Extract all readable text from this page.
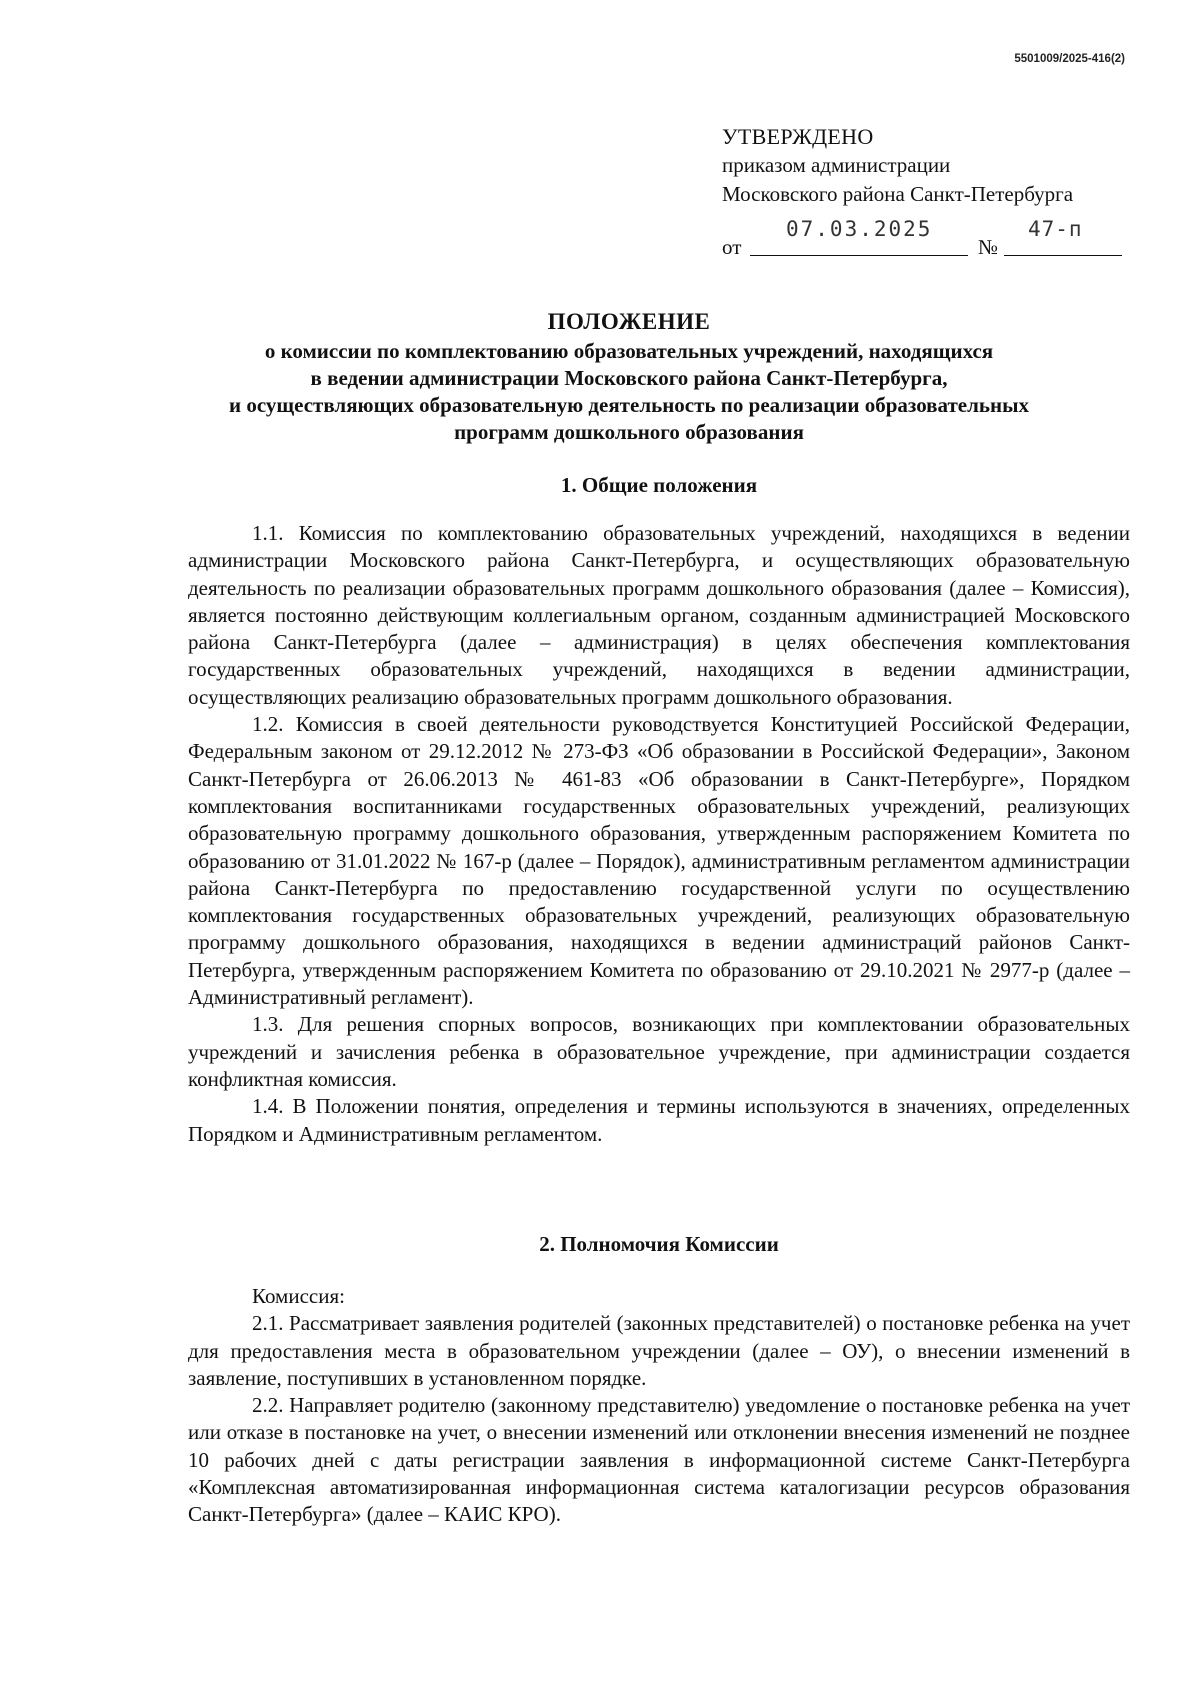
5501009/2025-416(2)
УТВЕРЖДЕНО
приказом администрации
Московского района Санкт-Петербурга
от
07.03.2025
№
47-п
ПОЛОЖЕНИЕ
о комиссии по комплектованию образовательных учреждений, находящихся
в ведении администрации Московского района Санкт-Петербурга,
и осуществляющих образовательную деятельность по реализации образовательных
программ дошкольного образования
1. Общие положения

1.1. Комиссия по комплектованию образовательных учреждений, находящихся в ведении администрации Московского района Санкт-Петербурга, и осуществляющих образовательную деятельность по реализации образовательных программ дошкольного образования (далее – Комиссия), является постоянно действующим коллегиальным органом, созданным администрацией Московского района Санкт-Петербурга (далее – администрация) в целях обеспечения комплектования государственных образовательных учреждений, находящихся в ведении администрации, осуществляющих реализацию образовательных программ дошкольного образования.

1.2. Комиссия в своей деятельности руководствуется Конституцией Российской Федерации, Федеральным законом от 29.12.2012 № 273-ФЗ «Об образовании в Российской Федерации», Законом Санкт-Петербурга от 26.06.2013 № 461-83 «Об образовании в Санкт-Петербурге», Порядком комплектования воспитанниками государственных образовательных учреждений, реализующих образовательную программу дошкольного образования, утвержденным распоряжением Комитета по образованию от 31.01.2022 № 167-р (далее – Порядок), административным регламентом администрации района Санкт-Петербурга по предоставлению государственной услуги по осуществлению комплектования государственных образовательных учреждений, реализующих образовательную программу дошкольного образования, находящихся в ведении администраций районов Санкт-Петербурга, утвержденным распоряжением Комитета по образованию от 29.10.2021 № 2977-р (далее – Административный регламент).

1.3. Для решения спорных вопросов, возникающих при комплектовании образовательных учреждений и зачисления ребенка в образовательное учреждение, при администрации создается конфликтная комиссия.

1.4. В Положении понятия, определения и термины используются в значениях, определенных Порядком и Административным регламентом.

2. Полномочия Комиссии

Комиссия:

2.1. Рассматривает заявления родителей (законных представителей) о постановке ребенка на учет для предоставления места в образовательном учреждении (далее – ОУ), о внесении изменений в заявление, поступивших в установленном порядке.

2.2. Направляет родителю (законному представителю) уведомление о постановке ребенка на учет или отказе в постановке на учет, о внесении изменений или отклонении внесения изменений не позднее 10 рабочих дней с даты регистрации заявления в информационной системе Санкт-Петербурга «Комплексная автоматизированная информационная система каталогизации ресурсов образования Санкт-Петербурга» (далее – КАИС КРО).
